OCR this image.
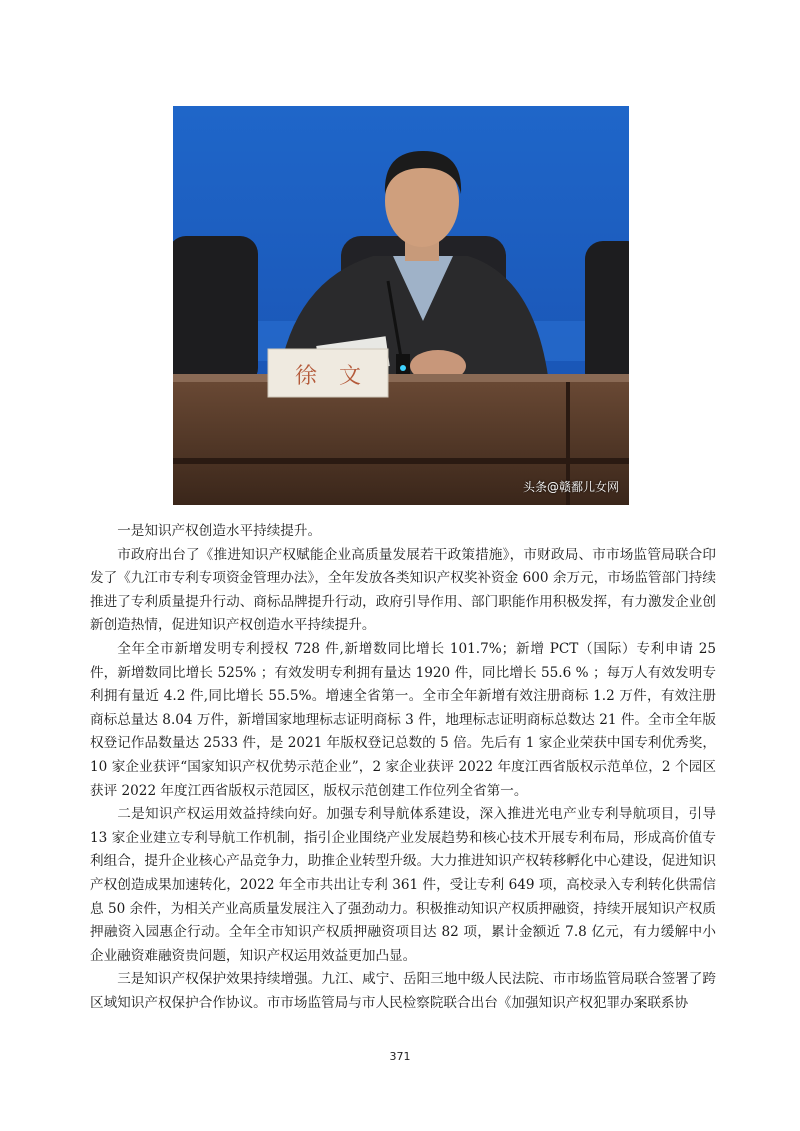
徐　文
头条@赣鄱儿女网

一是知识产权创造水平持续提升。

市政府出台了《推进知识产权赋能企业高质量发展若干政策措施》，市财政局、市市场监管局联合印发了《九江市专利专项资金管理办法》，全年发放各类知识产权奖补资金 600 余万元，市场监管部门持续推进了专利质量提升行动、商标品牌提升行动，政府引导作用、部门职能作用积极发挥，有力激发企业创新创造热情，促进知识产权创造水平持续提升。

全年全市新增发明专利授权 728 件,新增数同比增长 101.7%；新增 PCT（国际）专利申请 25 件，新增数同比增长 525% ；有效发明专利拥有量达 1920 件，同比增长 55.6 % ；每万人有效发明专利拥有量近 4.2 件,同比增长 55.5%。增速全省第一。全市全年新增有效注册商标 1.2 万件，有效注册商标总量达 8.04 万件，新增国家地理标志证明商标 3 件，地理标志证明商标总数达 21 件。全市全年版权登记作品数量达 2533 件，是 2021 年版权登记总数的 5 倍。先后有 1 家企业荣获中国专利优秀奖，10 家企业获评“国家知识产权优势示范企业”，2 家企业获评 2022 年度江西省版权示范单位，2 个园区获评 2022 年度江西省版权示范园区，版权示范创建工作位列全省第一。

二是知识产权运用效益持续向好。加强专利导航体系建设，深入推进光电产业专利导航项目，引导 13 家企业建立专利导航工作机制，指引企业围绕产业发展趋势和核心技术开展专利布局，形成高价值专利组合，提升企业核心产品竞争力，助推企业转型升级。大力推进知识产权转移孵化中心建设，促进知识产权创造成果加速转化，2022 年全市共出让专利 361 件，受让专利 649 项，高校录入专利转化供需信息 50 余件，为相关产业高质量发展注入了强劲动力。积极推动知识产权质押融资，持续开展知识产权质押融资入园惠企行动。全年全市知识产权质押融资项目达 82 项，累计金额近 7.8 亿元，有力缓解中小企业融资难融资贵问题，知识产权运用效益更加凸显。

三是知识产权保护效果持续增强。九江、咸宁、岳阳三地中级人民法院、市市场监管局联合签署了跨区域知识产权保护合作协议。市市场监管局与市人民检察院联合出台《加强知识产权犯罪办案联系协

371
